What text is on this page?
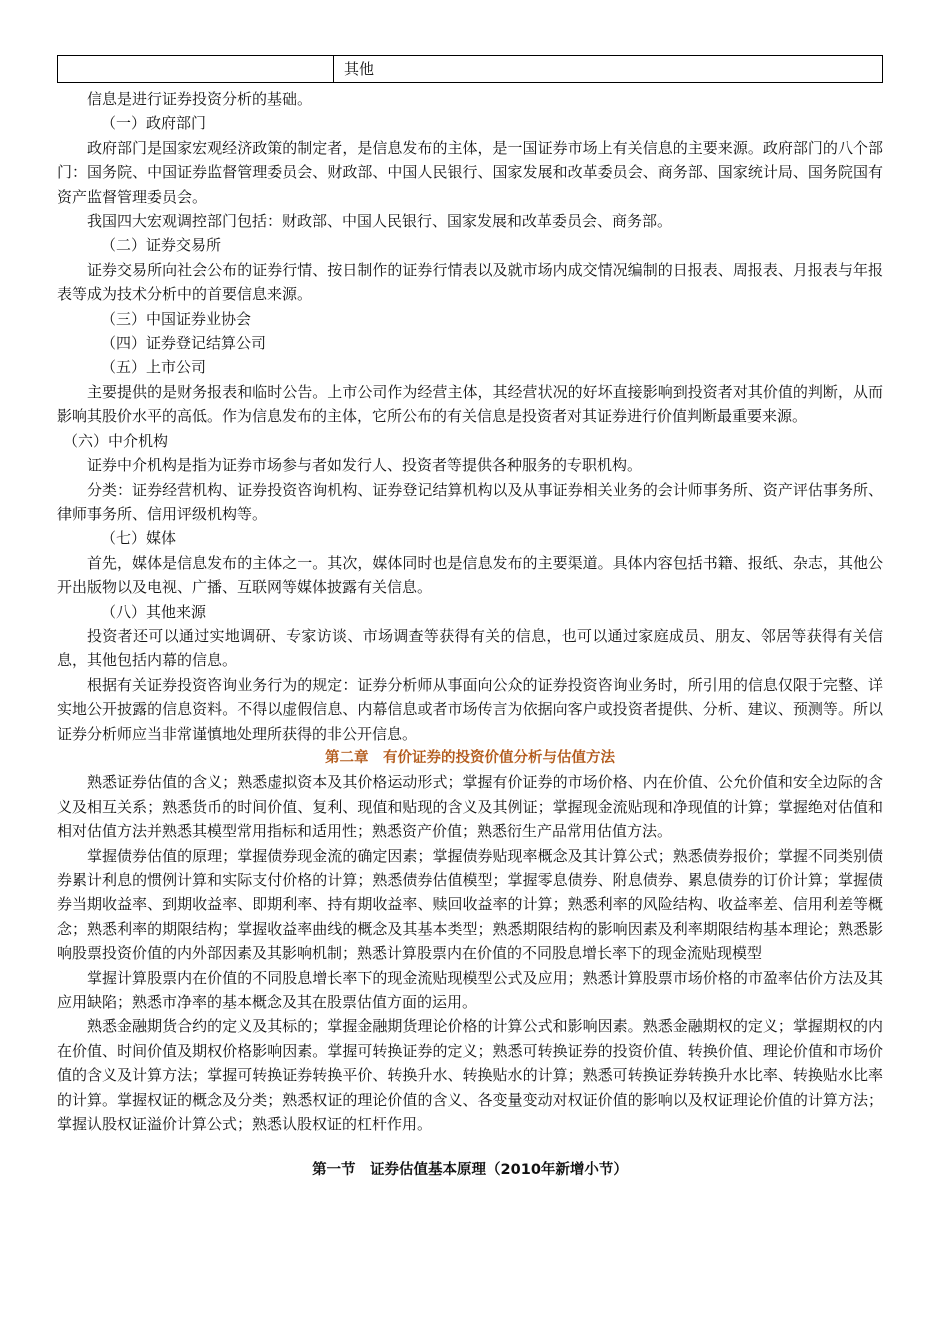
其他

信息是进行证券投资分析的基础。

（一）政府部门

政府部门是国家宏观经济政策的制定者，是信息发布的主体，是一国证券市场上有关信息的主要来源。政府部门的八个部门：国务院、中国证券监督管理委员会、财政部、中国人民银行、国家发展和改革委员会、商务部、国家统计局、国务院国有资产监督管理委员会。

我国四大宏观调控部门包括：财政部、中国人民银行、国家发展和改革委员会、商务部。

（二）证券交易所

证券交易所向社会公布的证券行情、按日制作的证券行情表以及就市场内成交情况编制的日报表、周报表、月报表与年报表等成为技术分析中的首要信息来源。

（三）中国证券业协会

（四）证券登记结算公司

（五）上市公司

主要提供的是财务报表和临时公告。上市公司作为经营主体，其经营状况的好坏直接影响到投资者对其价值的判断，从而影响其股价水平的高低。作为信息发布的主体，它所公布的有关信息是投资者对其证券进行价值判断最重要来源。

（六）中介机构

证券中介机构是指为证券市场参与者如发行人、投资者等提供各种服务的专职机构。

分类：证券经营机构、证券投资咨询机构、证券登记结算机构以及从事证券相关业务的会计师事务所、资产评估事务所、律师事务所、信用评级机构等。

（七）媒体

首先，媒体是信息发布的主体之一。其次，媒体同时也是信息发布的主要渠道。具体内容包括书籍、报纸、杂志，其他公开出版物以及电视、广播、互联网等媒体披露有关信息。

（八）其他来源

投资者还可以通过实地调研、专家访谈、市场调查等获得有关的信息，也可以通过家庭成员、朋友、邻居等获得有关信息，其他包括内幕的信息。

根据有关证券投资咨询业务行为的规定：证券分析师从事面向公众的证券投资咨询业务时，所引用的信息仅限于完整、详实地公开披露的信息资料。不得以虚假信息、内幕信息或者市场传言为依据向客户或投资者提供、分析、建议、预测等。所以证券分析师应当非常谨慎地处理所获得的非公开信息。

第二章　有价证券的投资价值分析与估值方法

熟悉证券估值的含义；熟悉虚拟资本及其价格运动形式；掌握有价证券的市场价格、内在价值、公允价值和安全边际的含义及相互关系；熟悉货币的时间价值、复利、现值和贴现的含义及其例证；掌握现金流贴现和净现值的计算；掌握绝对估值和相对估值方法并熟悉其模型常用指标和适用性；熟悉资产价值；熟悉衍生产品常用估值方法。

掌握债券估值的原理；掌握债券现金流的确定因素；掌握债券贴现率概念及其计算公式；熟悉债券报价；掌握不同类别债券累计利息的惯例计算和实际支付价格的计算；熟悉债券估值模型；掌握零息债券、附息债券、累息债券的订价计算；掌握债券当期收益率、到期收益率、即期利率、持有期收益率、赎回收益率的计算；熟悉利率的风险结构、收益率差、信用利差等概念；熟悉利率的期限结构；掌握收益率曲线的概念及其基本类型；熟悉期限结构的影响因素及利率期限结构基本理论；熟悉影响股票投资价值的内外部因素及其影响机制；熟悉计算股票内在价值的不同股息增长率下的现金流贴现模型

掌握计算股票内在价值的不同股息增长率下的现金流贴现模型公式及应用；熟悉计算股票市场价格的市盈率估价方法及其应用缺陷；熟悉市净率的基本概念及其在股票估值方面的运用。

熟悉金融期货合约的定义及其标的；掌握金融期货理论价格的计算公式和影响因素。熟悉金融期权的定义；掌握期权的内在价值、时间价值及期权价格影响因素。掌握可转换证券的定义；熟悉可转换证券的投资价值、转换价值、理论价值和市场价值的含义及计算方法；掌握可转换证券转换平价、转换升水、转换贴水的计算；熟悉可转换证券转换升水比率、转换贴水比率的计算。掌握权证的概念及分类；熟悉权证的理论价值的含义、各变量变动对权证价值的影响以及权证理论价值的计算方法；掌握认股权证溢价计算公式；熟悉认股权证的杠杆作用。

第一节　证券估值基本原理（2010年新增小节）
